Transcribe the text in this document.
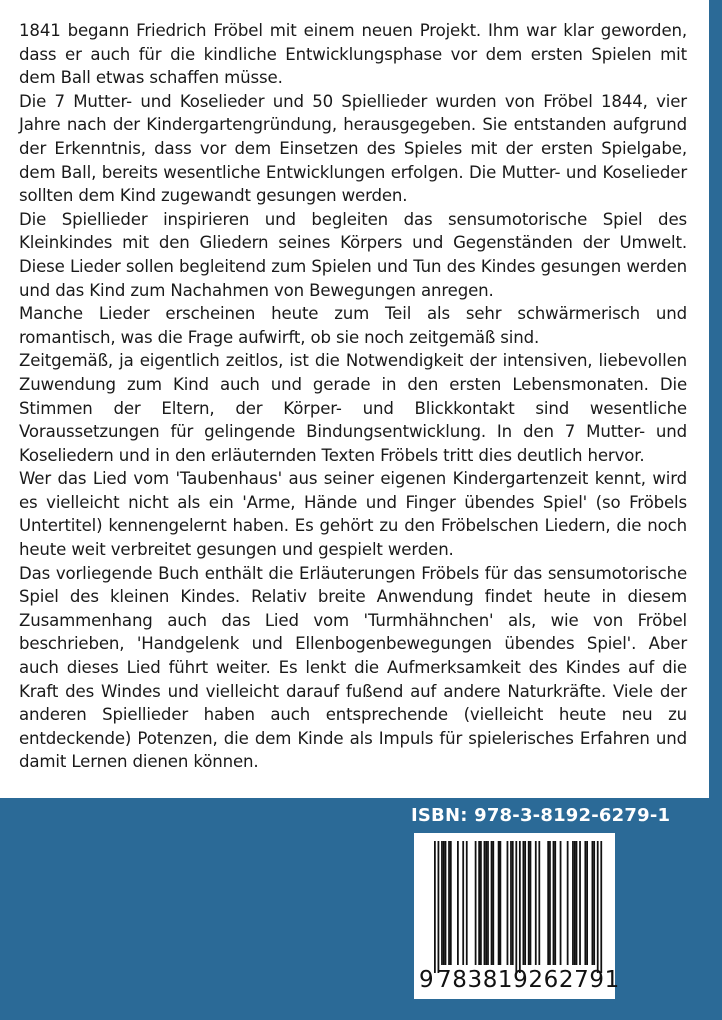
1841 begann Friedrich Fröbel mit einem neuen Projekt. Ihm war klar geworden, dass er auch für die kindliche Entwicklungsphase vor dem ersten Spielen mit dem Ball etwas schaffen müsse.

Die 7 Mutter- und Koselieder und 50 Spiellieder wurden von Fröbel 1844, vier Jahre nach der Kindergartengründung, herausgegeben. Sie entstanden aufgrund der Erkenntnis, dass vor dem Einsetzen des Spieles mit der ersten Spielgabe, dem Ball, bereits wesentliche Entwicklungen erfolgen. Die Mutter- und Koselieder sollten dem Kind zugewandt gesungen werden.

Die Spiellieder inspirieren und begleiten das sensumotorische Spiel des Kleinkindes mit den Gliedern seines Körpers und Gegenständen der Umwelt. Diese Lieder sollen begleitend zum Spielen und Tun des Kindes gesungen werden und das Kind zum Nachahmen von Bewegungen anregen.

Manche Lieder erscheinen heute zum Teil als sehr schwärmerisch und romantisch, was die Frage aufwirft, ob sie noch zeitgemäß sind.

Zeitgemäß, ja eigentlich zeitlos, ist die Notwendigkeit der intensiven, liebevollen Zuwendung zum Kind auch und gerade in den ersten Lebensmonaten. Die Stimmen der Eltern, der Körper- und Blickkontakt sind wesentliche Voraussetzungen für gelingende Bindungsentwicklung. In den 7 Mutter- und Koseliedern und in den erläuternden Texten Fröbels tritt dies deutlich hervor.

Wer das Lied vom 'Taubenhaus' aus seiner eigenen Kindergartenzeit kennt, wird es vielleicht nicht als ein 'Arme, Hände und Finger übendes Spiel' (so Fröbels Untertitel) kennengelernt haben. Es gehört zu den Fröbelschen Liedern, die noch heute weit verbreitet gesungen und gespielt werden.

Das vorliegende Buch enthält die Erläuterungen Fröbels für das sensumotorische Spiel des kleinen Kindes. Relativ breite Anwendung findet heute in diesem Zusammenhang auch das Lied vom 'Turmhähnchen' als, wie von Fröbel beschrieben, 'Handgelenk und Ellenbogenbewegungen übendes Spiel'. Aber auch dieses Lied führt weiter. Es lenkt die Aufmerksamkeit des Kindes auf die Kraft des Windes und vielleicht darauf fußend auf andere Naturkräfte. Viele der anderen Spiellieder haben auch entsprechende (vielleicht heute neu zu entdeckende) Potenzen, die dem Kinde als Impuls für spielerisches Erfahren und damit Lernen dienen können.

ISBN: 978-3-8192-6279-1
9 783819262791
